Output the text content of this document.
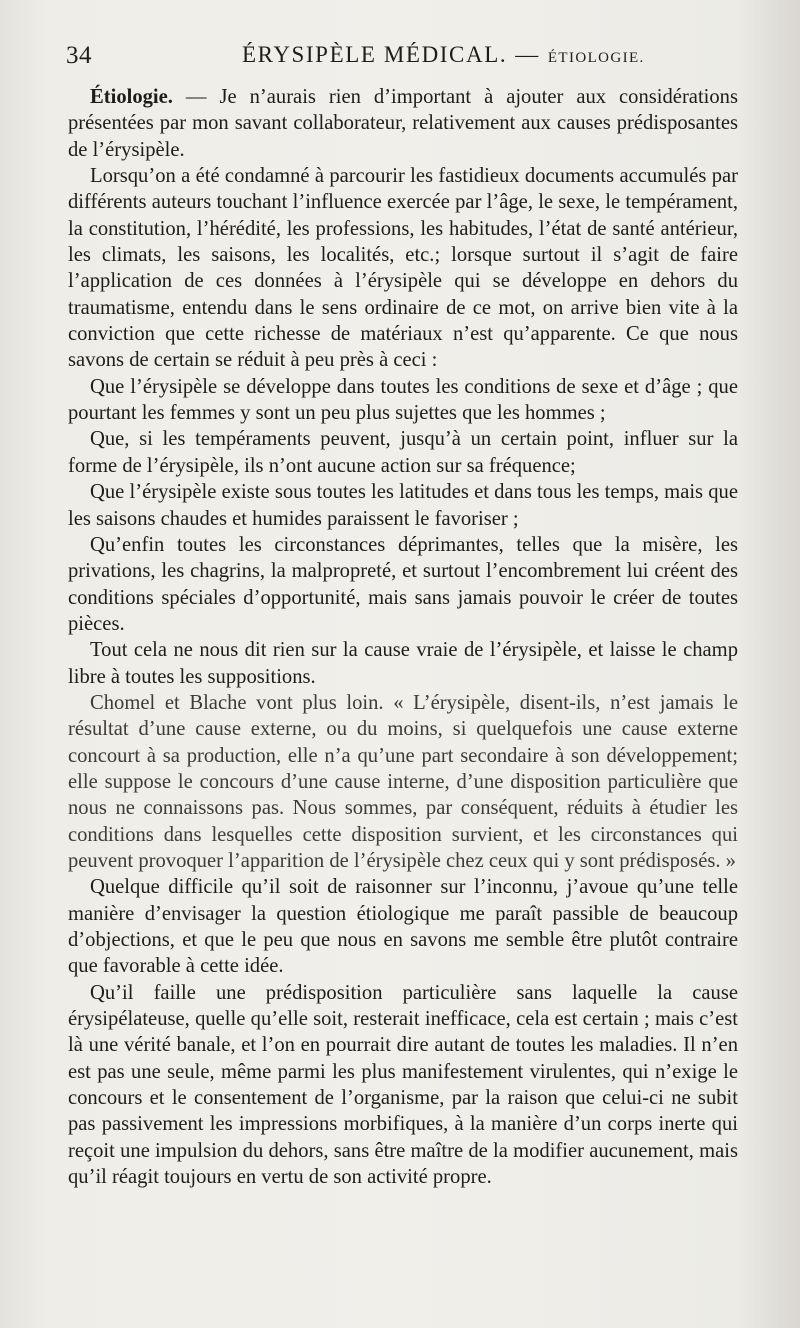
34	ÉRYSIPÈLE MÉDICAL. — ÉTIOLOGIE.

Étiologie. — Je n’aurais rien d’important à ajouter aux considérations présentées par mon savant collaborateur, relativement aux causes prédisposantes de l’érysipèle.

Lorsqu’on a été condamné à parcourir les fastidieux documents accumulés par différents auteurs touchant l’influence exercée par l’âge, le sexe, le tempérament, la constitution, l’hérédité, les professions, les habitudes, l’état de santé antérieur, les climats, les saisons, les localités, etc.; lorsque surtout il s’agit de faire l’application de ces données à l’érysipèle qui se développe en dehors du traumatisme, entendu dans le sens ordinaire de ce mot, on arrive bien vite à la conviction que cette richesse de matériaux n’est qu’apparente. Ce que nous savons de certain se réduit à peu près à ceci :

Que l’érysipèle se développe dans toutes les conditions de sexe et d’âge ; que pourtant les femmes y sont un peu plus sujettes que les hommes ;

Que, si les tempéraments peuvent, jusqu’à un certain point, influer sur la forme de l’érysipèle, ils n’ont aucune action sur sa fréquence;

Que l’érysipèle existe sous toutes les latitudes et dans tous les temps, mais que les saisons chaudes et humides paraissent le favoriser ;

Qu’enfin toutes les circonstances déprimantes, telles que la misère, les privations, les chagrins, la malpropreté, et surtout l’encombrement lui créent des conditions spéciales d’opportunité, mais sans jamais pouvoir le créer de toutes pièces.

Tout cela ne nous dit rien sur la cause vraie de l’érysipèle, et laisse le champ libre à toutes les suppositions.

Chomel et Blache vont plus loin. « L’érysipèle, disent-ils, n’est jamais le résultat d’une cause externe, ou du moins, si quelquefois une cause externe concourt à sa production, elle n’a qu’une part secondaire à son développement; elle suppose le concours d’une cause interne, d’une disposition particulière que nous ne connaissons pas. Nous sommes, par conséquent, réduits à étudier les conditions dans lesquelles cette disposition survient, et les circonstances qui peuvent provoquer l’apparition de l’érysipèle chez ceux qui y sont prédisposés. »

Quelque difficile qu’il soit de raisonner sur l’inconnu, j’avoue qu’une telle manière d’envisager la question étiologique me paraît passible de beaucoup d’objections, et que le peu que nous en savons me semble être plutôt contraire que favorable à cette idée.

Qu’il faille une prédisposition particulière sans laquelle la cause érysipélateuse, quelle qu’elle soit, resterait inefficace, cela est certain ; mais c’est là une vérité banale, et l’on en pourrait dire autant de toutes les maladies. Il n’en est pas une seule, même parmi les plus manifestement virulentes, qui n’exige le concours et le consentement de l’organisme, par la raison que celui-ci ne subit pas passivement les impressions morbifiques, à la manière d’un corps inerte qui reçoit une impulsion du dehors, sans être maître de la modifier aucunement, mais qu’il réagit toujours en vertu de son activité propre.
